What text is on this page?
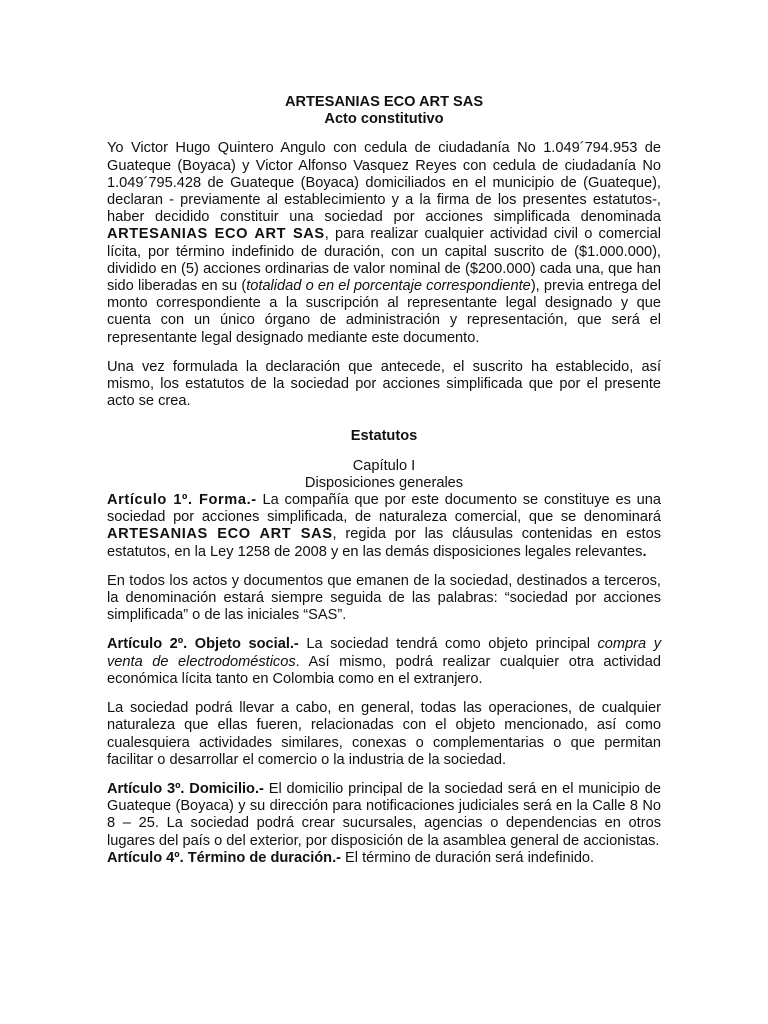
ARTESANIAS ECO ART SAS

Acto constitutivo

Yo Victor Hugo Quintero Angulo con cedula de ciudadanía No 1.049´794.953 de Guateque (Boyaca) y Victor Alfonso Vasquez Reyes con cedula de ciudadanía No 1.049´795.428 de Guateque (Boyaca) domiciliados en el municipio de (Guateque), declaran - previamente al establecimiento y a la firma de los presentes estatutos-, haber decidido constituir una sociedad por acciones simplificada denominada ARTESANIAS ECO ART SAS, para realizar cualquier actividad civil o comercial lícita, por término indefinido de duración, con un capital suscrito de ($1.000.000), dividido en (5) acciones ordinarias de valor nominal de ($200.000) cada una, que han sido liberadas en su (totalidad o en el porcentaje correspondiente), previa entrega del monto correspondiente a la suscripción al representante legal designado y que cuenta con un único órgano de administración y representación, que será el representante legal designado mediante este documento.

Una vez formulada la declaración que antecede, el suscrito ha establecido, así mismo, los estatutos de la sociedad por acciones simplificada que por el presente acto se crea.

Estatutos

Capítulo I

Disposiciones generales

Artículo 1º. Forma.- La compañía que por este documento se constituye es una sociedad por acciones simplificada, de naturaleza comercial, que se denominará ARTESANIAS ECO ART SAS, regida por las cláusulas contenidas en estos estatutos, en la Ley 1258 de 2008 y en las demás disposiciones legales relevantes.

En todos los actos y documentos que emanen de la sociedad, destinados a terceros, la denominación estará siempre seguida de las palabras: “sociedad por acciones simplificada” o de las iniciales “SAS”.

Artículo 2º. Objeto social.- La sociedad tendrá como objeto principal compra y venta de electrodomésticos. Así mismo, podrá realizar cualquier otra actividad económica lícita tanto en Colombia como en el extranjero.

La sociedad podrá llevar a cabo, en general, todas las operaciones, de cualquier naturaleza que ellas fueren, relacionadas con el objeto mencionado, así como cualesquiera actividades similares, conexas o complementarias o que permitan facilitar o desarrollar el comercio o la industria de la sociedad.

Artículo 3º. Domicilio.- El domicilio principal de la sociedad será en el municipio de Guateque (Boyaca) y su dirección para notificaciones judiciales será en la Calle 8 No 8 – 25. La sociedad podrá crear sucursales, agencias o dependencias en otros lugares del país o del exterior, por disposición de la asamblea general de accionistas.

Artículo 4º. Término de duración.- El término de duración será indefinido.
